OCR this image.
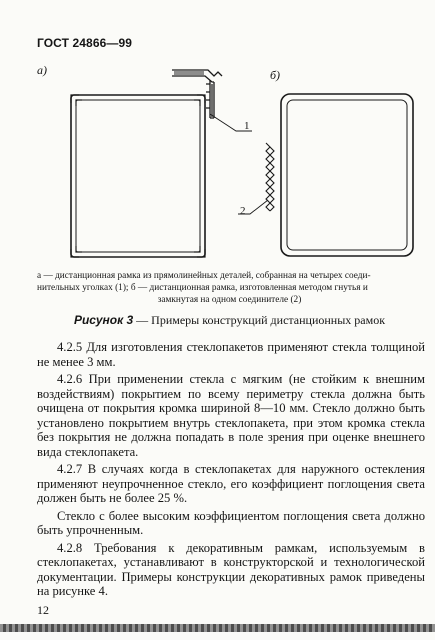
ГОСТ 24866—99
а)	б)
1
2
а — дистанционная рамка из прямолинейных деталей, собранная на четырех соеди-
нительных уголках (1); б — дистанционная рамка, изготовленная методом гнутья и
замкнутая на одном соединителе (2)
Рисунок 3 — Примеры конструкций дистанционных рамок

4.2.5 Для изготовления стеклопакетов применяют стекла толщиной не менее 3 мм.

4.2.6 При применении стекла с мягким (не стойким к внешним воздействиям) покрытием по всему периметру стекла должна быть очищена от покрытия кромка шириной 8—10 мм. Стекло должно быть установлено покрытием внутрь стеклопакета, при этом кромка стекла без покрытия не должна попадать в поле зрения при оценке внешнего вида стеклопакета.

4.2.7 В случаях когда в стеклопакетах для наружного остекления применяют неупрочненное стекло, его коэффициент поглощения света должен быть не более 25 %.

Стекло с более высоким коэффициентом поглощения света должно быть упрочненным.

4.2.8 Требования к декоративным рамкам, используемым в стеклопакетах, устанавливают в конструкторской и технологической документации. Примеры конструкции декоративных рамок приведены на рисунке 4.

12
